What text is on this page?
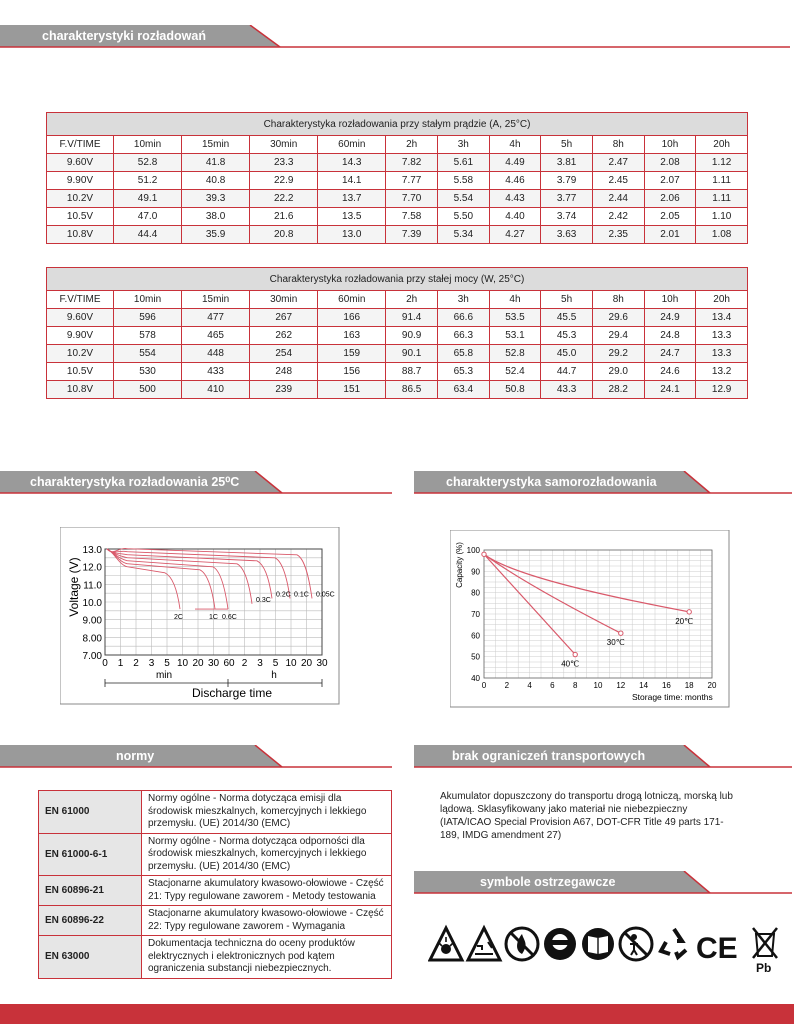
charakterystyki rozładowań
charakterystyka rozładowania 25⁰C	charakterystyka samorozładowania
normy	brak ograniczeń transportowych
symbole ostrzegawcze
Charakterystyka rozładowania przy stałym prądzie (A, 25°C)											
F.V/TIME	10min	15min	30min	60min	2h	3h	4h	5h	8h	10h	20h
9.60V	52.8	41.8	23.3	14.3	7.82	5.61	4.49	3.81	2.47	2.08	1.12
9.90V	51.2	40.8	22.9	14.1	7.77	5.58	4.46	3.79	2.45	2.07	1.11
10.2V	49.1	39.3	22.2	13.7	7.70	5.54	4.43	3.77	2.44	2.06	1.11
10.5V	47.0	38.0	21.6	13.5	7.58	5.50	4.40	3.74	2.42	2.05	1.10
10.8V	44.4	35.9	20.8	13.0	7.39	5.34	4.27	3.63	2.35	2.01	1.08
Charakterystyka rozładowania przy stałej mocy (W, 25°C)											
F.V/TIME	10min	15min	30min	60min	2h	3h	4h	5h	8h	10h	20h
9.60V	596	477	267	166	91.4	66.6	53.5	45.5	29.6	24.9	13.4
9.90V	578	465	262	163	90.9	66.3	53.1	45.3	29.4	24.8	13.3
10.2V	554	448	254	159	90.1	65.8	52.8	45.0	29.2	24.7	13.3
10.5V	530	433	248	156	88.7	65.3	52.4	44.7	29.0	24.6	13.2
10.8V	500	410	239	151	86.5	63.4	50.8	43.3	28.2	24.1	12.9
13.0
12.0
11.0
10.0
9.00
8.00
7.00
0 1 2 3 5 10 20 30 60 2 3 5 10 20 30
2C	1C 0.6C
0.3C
0.2C 0.1C 0.05C
Voltage (V)
Discharge time
min	h
0 2 4 6 8 10 12 14 16 18 20
100
90
80
70
60
50
40
20℃
30℃
40℃
Capacity (%)
Storage time: months
EN 61000	Normy ogólne - Norma dotycząca emisji dla środowisk mieszkalnych, komercyjnych i lekkiego przemysłu. (UE) 2014/30 (EMC)
EN 61000-6-1	Normy ogólne - Norma dotycząca odporności dla środowisk mieszkalnych, komercyjnych i lekkiego przemysłu. (UE) 2014/30 (EMC)
EN 60896-21	Stacjonarne akumulatory kwasowo-ołowiowe - Część 21: Typy regulowane zaworem - Metody testowania
EN 60896-22	Stacjonarne akumulatory kwasowo-ołowiowe - Część 22: Typy regulowane zaworem - Wymagania
EN 63000	Dokumentacja techniczna do oceny produktów elektrycznych i elektronicznych pod kątem ograniczenia substancji niebezpiecznych.
Akumulator dopuszczony do transportu drogą lotniczą, morską lub lądową. Sklasyfikowany jako materiał nie niebezpieczny (IATA/ICAO Special Provision A67, DOT-CFR Title 49 parts 171-189, IMDG amendment 27)
CE
Pb
